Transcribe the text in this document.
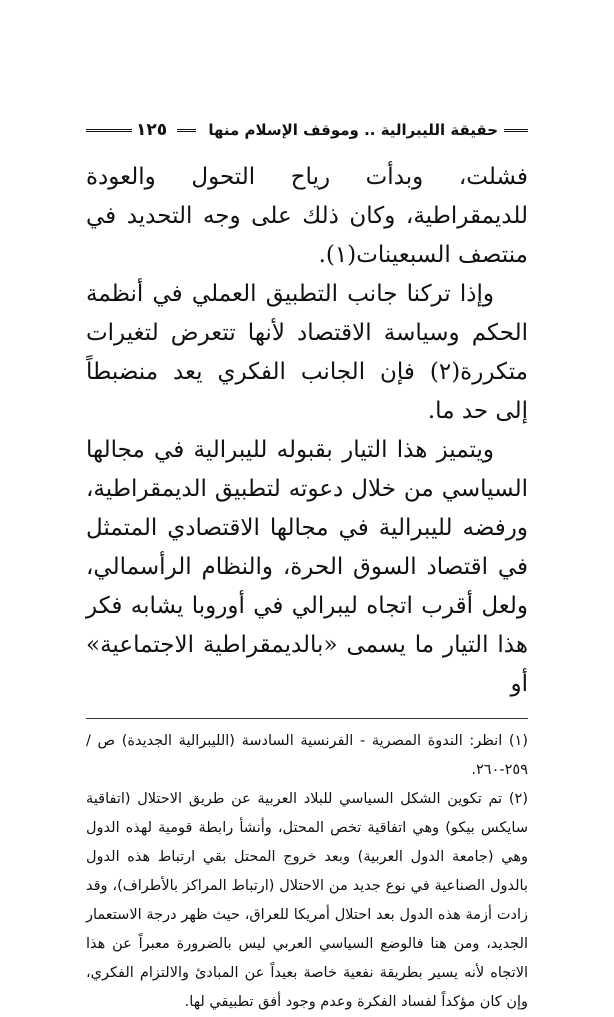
حقيقة الليبرالية .. وموقف الإسلام منها
١٢٥

فشلت، وبدأت رياح التحول والعودة للديمقراطية، وكان ذلك على وجه التحديد في منتصف السبعينات(١).

وإذا تركنا جانب التطبيق العملي في أنظمة الحكم وسياسة الاقتصاد لأنها تتعرض لتغيرات متكررة(٢) فإن الجانب الفكري يعد منضبطاً إلى حد ما.

ويتميز هذا التيار بقبوله لليبرالية في مجالها السياسي من خلال دعوته لتطبيق الديمقراطية، ورفضه لليبرالية في مجالها الاقتصادي المتمثل في اقتصاد السوق الحرة، والنظام الرأسمالي، ولعل أقرب اتجاه ليبرالي في أوروبا يشابه فكر هذا التيار ما يسمى «بالديمقراطية الاجتماعية» أو

(١) انظر: الندوة المصرية - الفرنسية السادسة (الليبرالية الجديدة) ص / ٢٥٩-٢٦٠.

(٢) تم تكوين الشكل السياسي للبلاد العربية عن طريق الاحتلال (اتفاقية سايكس بيكو) وهي اتفاقية تخص المحتل، وأنشأ رابطة قومية لهذه الدول وهي (جامعة الدول العربية) وبعد خروج المحتل بقي ارتباط هذه الدول بالدول الصناعية في نوع جديد من الاحتلال (ارتباط المراكز بالأطراف)، وقد زادت أزمة هذه الدول بعد احتلال أمريكا للعراق، حيث ظهر درجة الاستعمار الجديد، ومن هنا فالوضع السياسي العربي ليس بالضرورة معبراً عن هذا الاتجاه لأنه يسير بطريقة نفعية خاصة بعيداً عن المبادئ والالتزام الفكري، وإن كان مؤكداً لفساد الفكرة وعدم وجود أفق تطبيقي لها.
